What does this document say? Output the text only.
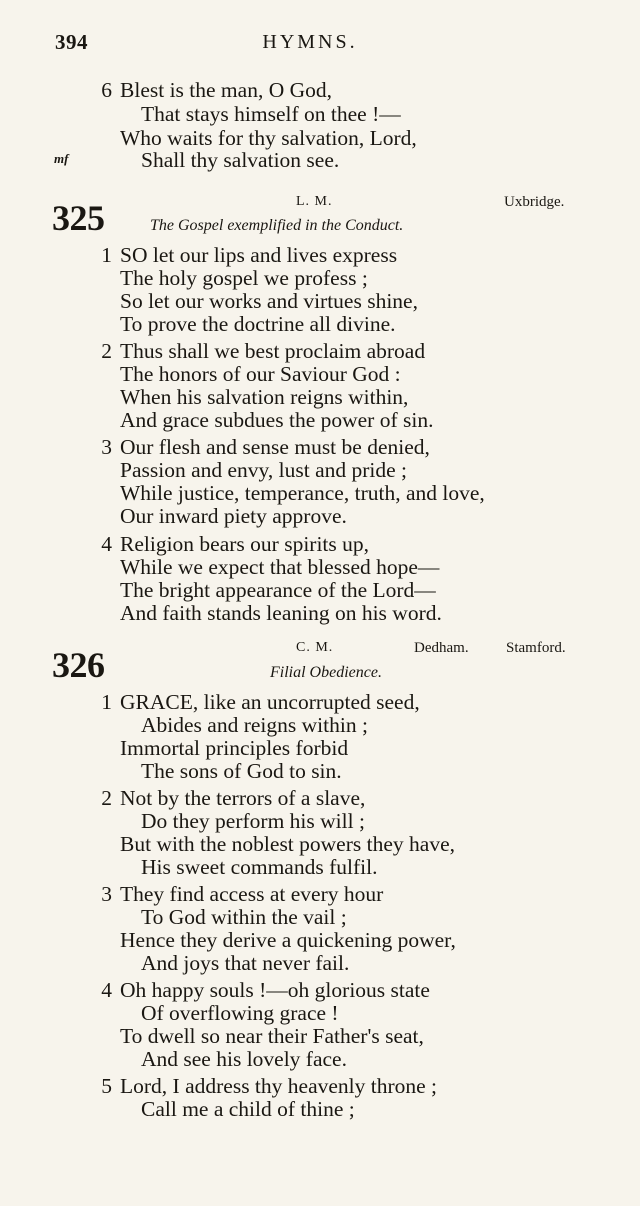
394	HYMNS.
6 Blest is the man, O God,
That stays himself on thee !—
Who waits for thy salvation, Lord,
mf	Shall thy salvation see.
325	L. M.	Uxbridge.
The Gospel exemplified in the Conduct.
1 SO let our lips and lives express
The holy gospel we profess ;
So let our works and virtues shine,
To prove the doctrine all divine.
2 Thus shall we best proclaim abroad
The honors of our Saviour God :
When his salvation reigns within,
And grace subdues the power of sin.
3 Our flesh and sense must be denied,
Passion and envy, lust and pride ;
While justice, temperance, truth, and love,
Our inward piety approve.
4 Religion bears our spirits up,
While we expect that blessed hope—
The bright appearance of the Lord—
And faith stands leaning on his word.
326	C. M.	Dedham. Stamford.
Filial Obedience.
1 GRACE, like an uncorrupted seed,
Abides and reigns within ;
Immortal principles forbid
The sons of God to sin.
2 Not by the terrors of a slave,
Do they perform his will ;
But with the noblest powers they have,
His sweet commands fulfil.
3 They find access at every hour
To God within the vail ;
Hence they derive a quickening power,
And joys that never fail.
4 Oh happy souls !—oh glorious state
Of overflowing grace !
To dwell so near their Father's seat,
And see his lovely face.
5 Lord, I address thy heavenly throne ;
Call me a child of thine ;
